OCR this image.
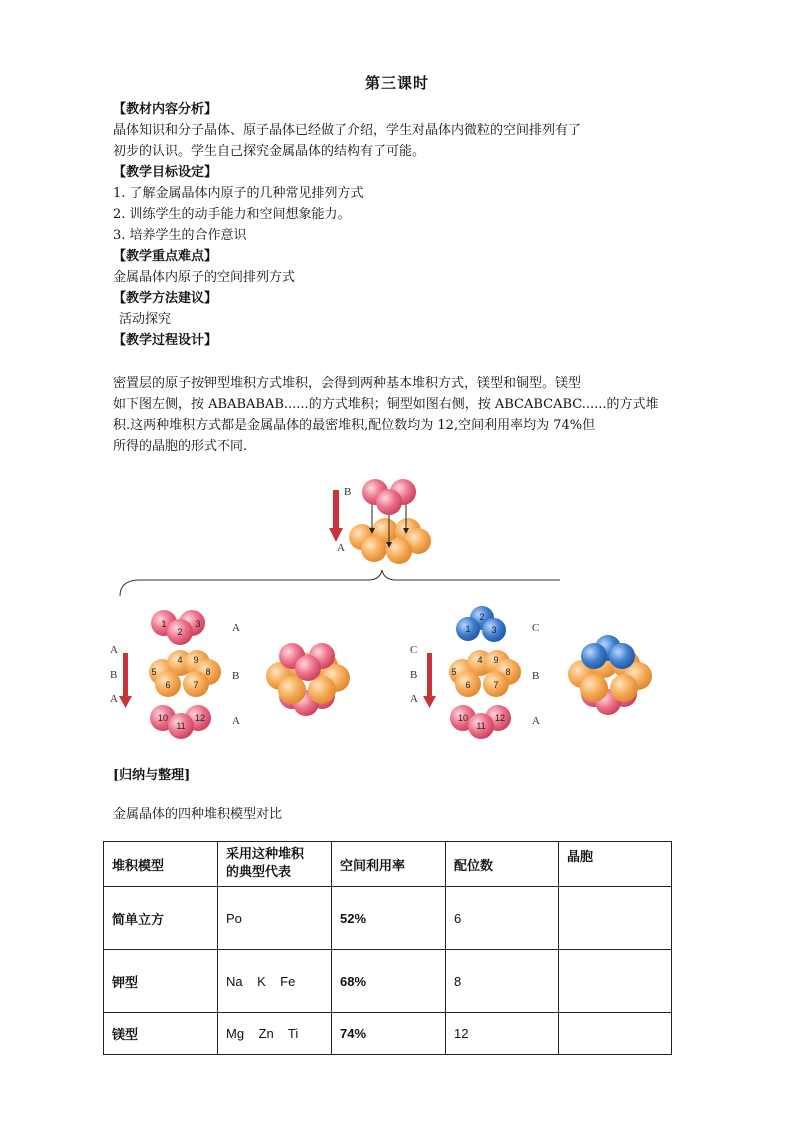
第三课时
【教材内容分析】
晶体知识和分子晶体、原子晶体已经做了介绍，学生对晶体内微粒的空间排列有了
初步的认识。学生自己探究金属晶体的结构有了可能。
【教学目标设定】
1. 了解金属晶体内原子的几种常见排列方式
2. 训练学生的动手能力和空间想象能力。
3. 培养学生的合作意识
【教学重点难点】
金属晶体内原子的空间排列方式
【教学方法建议】
活动探究
【教学过程设计】
密置层的原子按钾型堆积方式堆积，会得到两种基本堆积方式，镁型和铜型。镁型
如下图左侧，按 ABABABAB......的方式堆积；铜型如图右侧，按 ABCABCABC......的方式堆
积.这两种堆积方式都是金属晶体的最密堆积,配位数均为 12,空间利用率均为 74%但
所得的晶胞的形式不同.
B
A
A
B
A
1
2
3
4
8
5
9
6	7
10
11
12
A
B
A
C
B
A
2
1 3
4
8
5
9
6	7
10
11
12
C
B
A
[归纳与整理]
金属晶体的四种堆积模型对比
堆积模型	采用这种堆积
的典型代表	空间利用率	配位数	晶胞
简单立方	Po	52%	6	
钾型	Na    K    Fe	68%	8	
镁型	Mg    Zn    Ti	74%	12	
